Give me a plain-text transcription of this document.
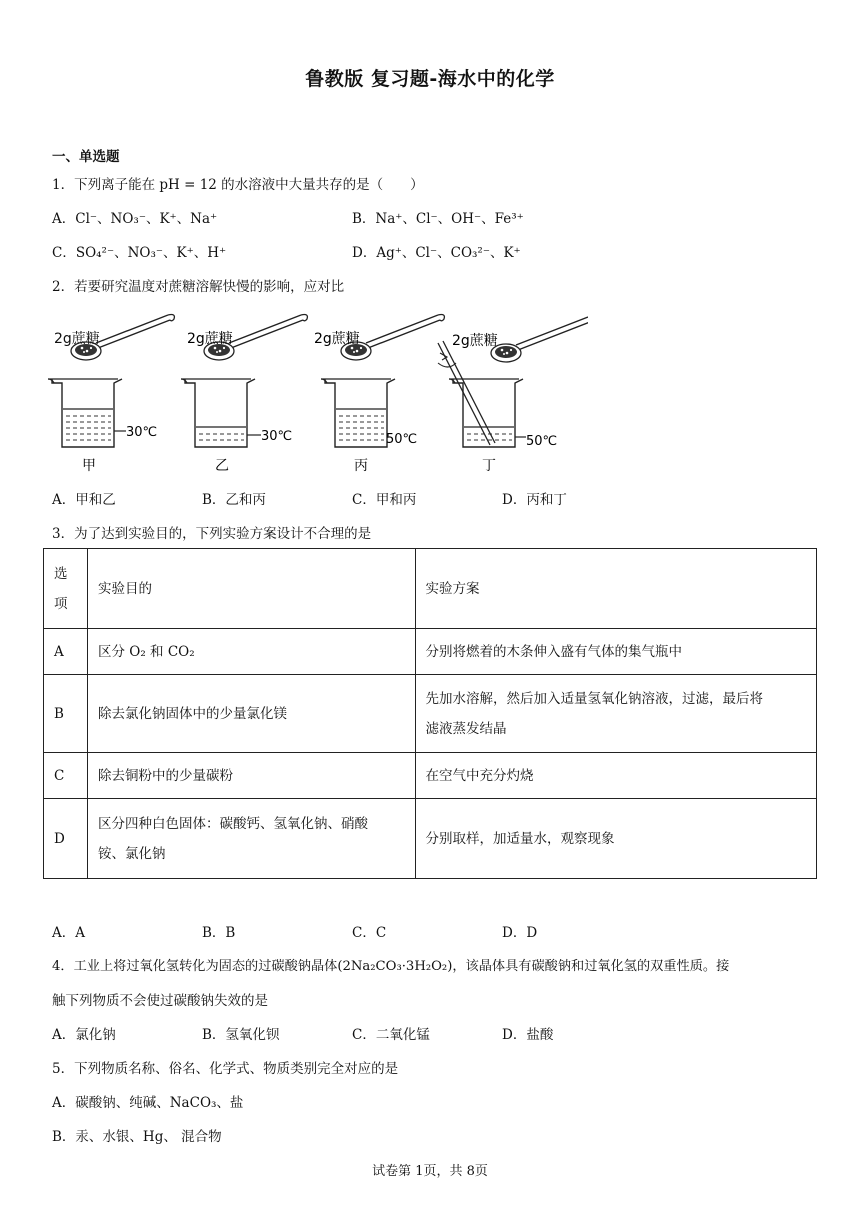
鲁教版 复习题-海水中的化学
一、单选题
1．下列离子能在 pH = 12 的水溶液中大量共存的是（　　）
A．Cl⁻、NO₃⁻、K⁺、Na⁺	B．Na⁺、Cl⁻、OH⁻、Fe³⁺
C．SO₄²⁻、NO₃⁻、K⁺、H⁺	D．Ag⁺、Cl⁻、CO₃²⁻、K⁺
2．若要研究温度对蔗糖溶解快慢的影响，应对比
2g蔗糖
30℃
甲
2g蔗糖
30℃
乙
2g蔗糖
50℃
丙
2g蔗糖
50℃
丁
A．甲和乙	B．乙和丙	C．甲和丙	D．丙和丁
3．为了达到实验目的，下列实验方案设计不合理的是
选
项	实验目的	实验方案
A	区分 O₂ 和 CO₂	分别将燃着的木条伸入盛有气体的集气瓶中
B	除去氯化钠固体中的少量氯化镁	先加水溶解，然后加入适量氢氧化钠溶液，过滤，最后将
滤液蒸发结晶

C	除去铜粉中的少量碳粉	在空气中充分灼烧
D	区分四种白色固体：碳酸钙、氢氧化钠、硝酸
铵、氯化钠	分别取样，加适量水，观察现象
A．A	B．B	C．C	D．D
4．工业上将过氧化氢转化为固态的过碳酸钠晶体(2Na₂CO₃·3H₂O₂)，该晶体具有碳酸钠和过氧化氢的双重性质。接
触下列物质不会使过碳酸钠失效的是
A．氯化钠	B．氢氧化钡	C．二氧化锰	D．盐酸
5．下列物质名称、俗名、化学式、物质类别完全对应的是
A．碳酸钠、纯碱、NaCO₃、盐
B．汞、水银、Hg、 混合物
试卷第 1页，共 8页
